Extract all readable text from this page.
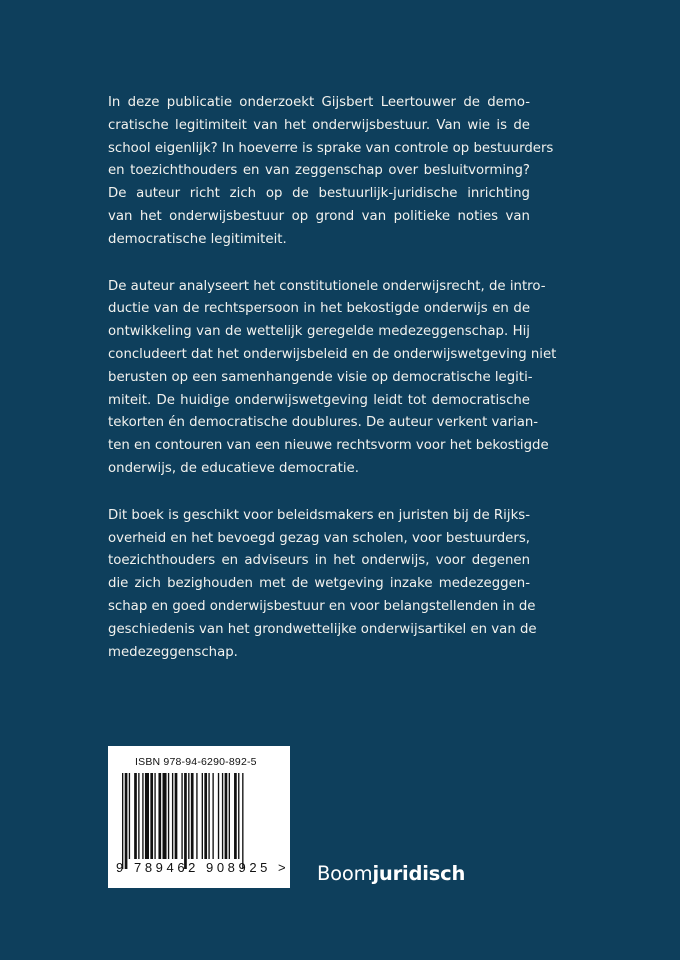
In deze publicatie onderzoekt Gijsbert Leertouwer de demo-
cratische legitimiteit van het onderwijsbestuur. Van wie is de
school eigenlijk? In hoeverre is sprake van controle op bestuurders
en toezichthouders en van zeggenschap over besluitvorming?
De auteur richt zich op de bestuurlijk-juridische inrichting
van het onderwijsbestuur op grond van politieke noties van
democratische legitimiteit.

De auteur analyseert het constitutionele onderwijsrecht, de intro-
ductie van de rechtspersoon in het bekostigde onderwijs en de
ontwikkeling van de wettelijk geregelde medezeggenschap. Hij
concludeert dat het onderwijsbeleid en de onderwijswetgeving niet
berusten op een samenhangende visie op democratische legiti-
miteit. De huidige onderwijswetgeving leidt tot democratische
tekorten én democratische doublures. De auteur verkent varian-
ten en contouren van een nieuwe rechtsvorm voor het bekostigde
onderwijs, de educatieve democratie.

Dit boek is geschikt voor beleidsmakers en juristen bij de Rijks-
overheid en het bevoegd gezag van scholen, voor bestuurders,
toezichthouders en adviseurs in het onderwijs, voor degenen
die zich bezighouden met de wetgeving inzake medezeggen-
schap en goed onderwijsbestuur en voor belangstellenden in de
geschiedenis van het grondwettelijke onderwijsartikel en van de
medezeggenschap.

ISBN 978-94-6290-892-5
9 789462 908925 > Boomjuridisch
